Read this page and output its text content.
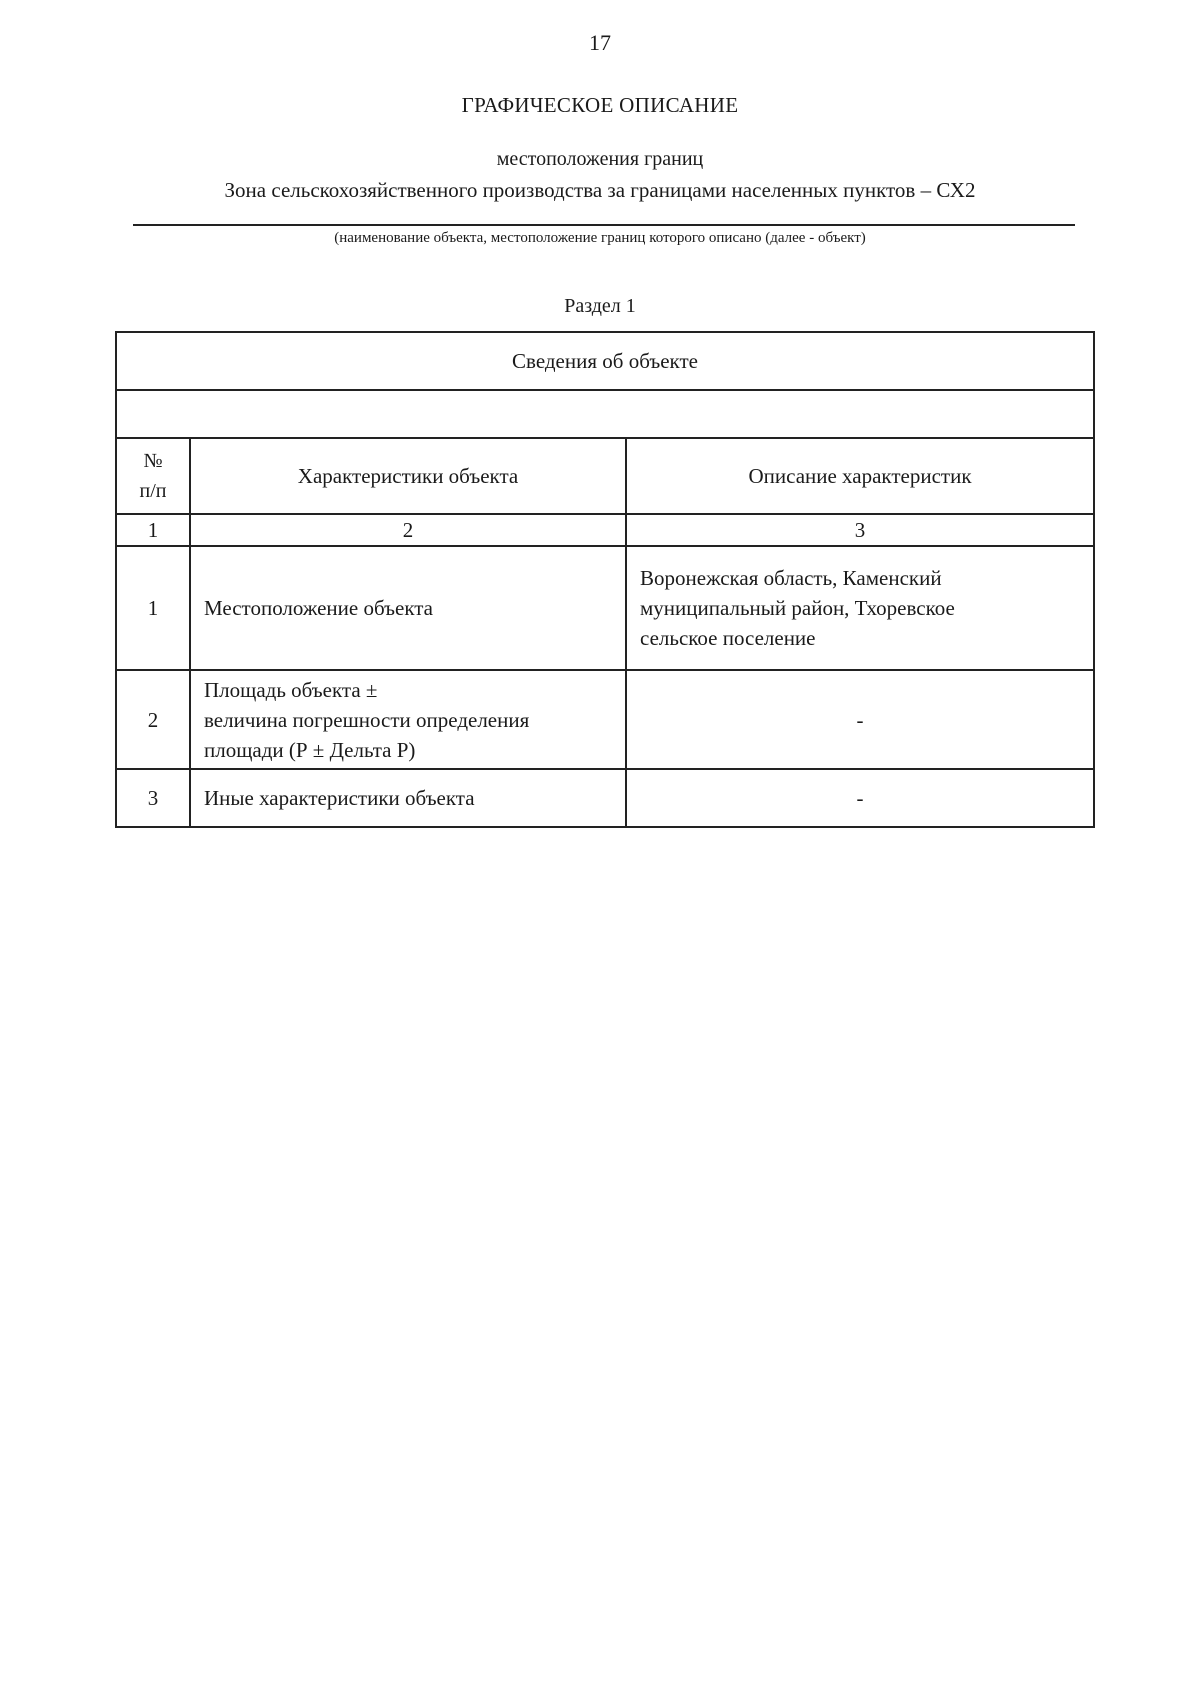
17
ГРАФИЧЕСКОЕ ОПИСАНИЕ
местоположения границ
Зона сельскохозяйственного производства за границами населенных пунктов – СХ2
(наименование объекта, местоположение границ которого описано (далее - объект)
Раздел 1
Сведения об объекте		

№
п/п	Характеристики объекта	Описание характеристик
1	2	3
1	Местоположение объекта	Воронежская область, Каменский
муниципальный район, Тхоревское
сельское поселение
2	Площадь объекта ±
величина погрешности определения
площади (Р ± Дельта Р)	-
3	Иные характеристики объекта	-
